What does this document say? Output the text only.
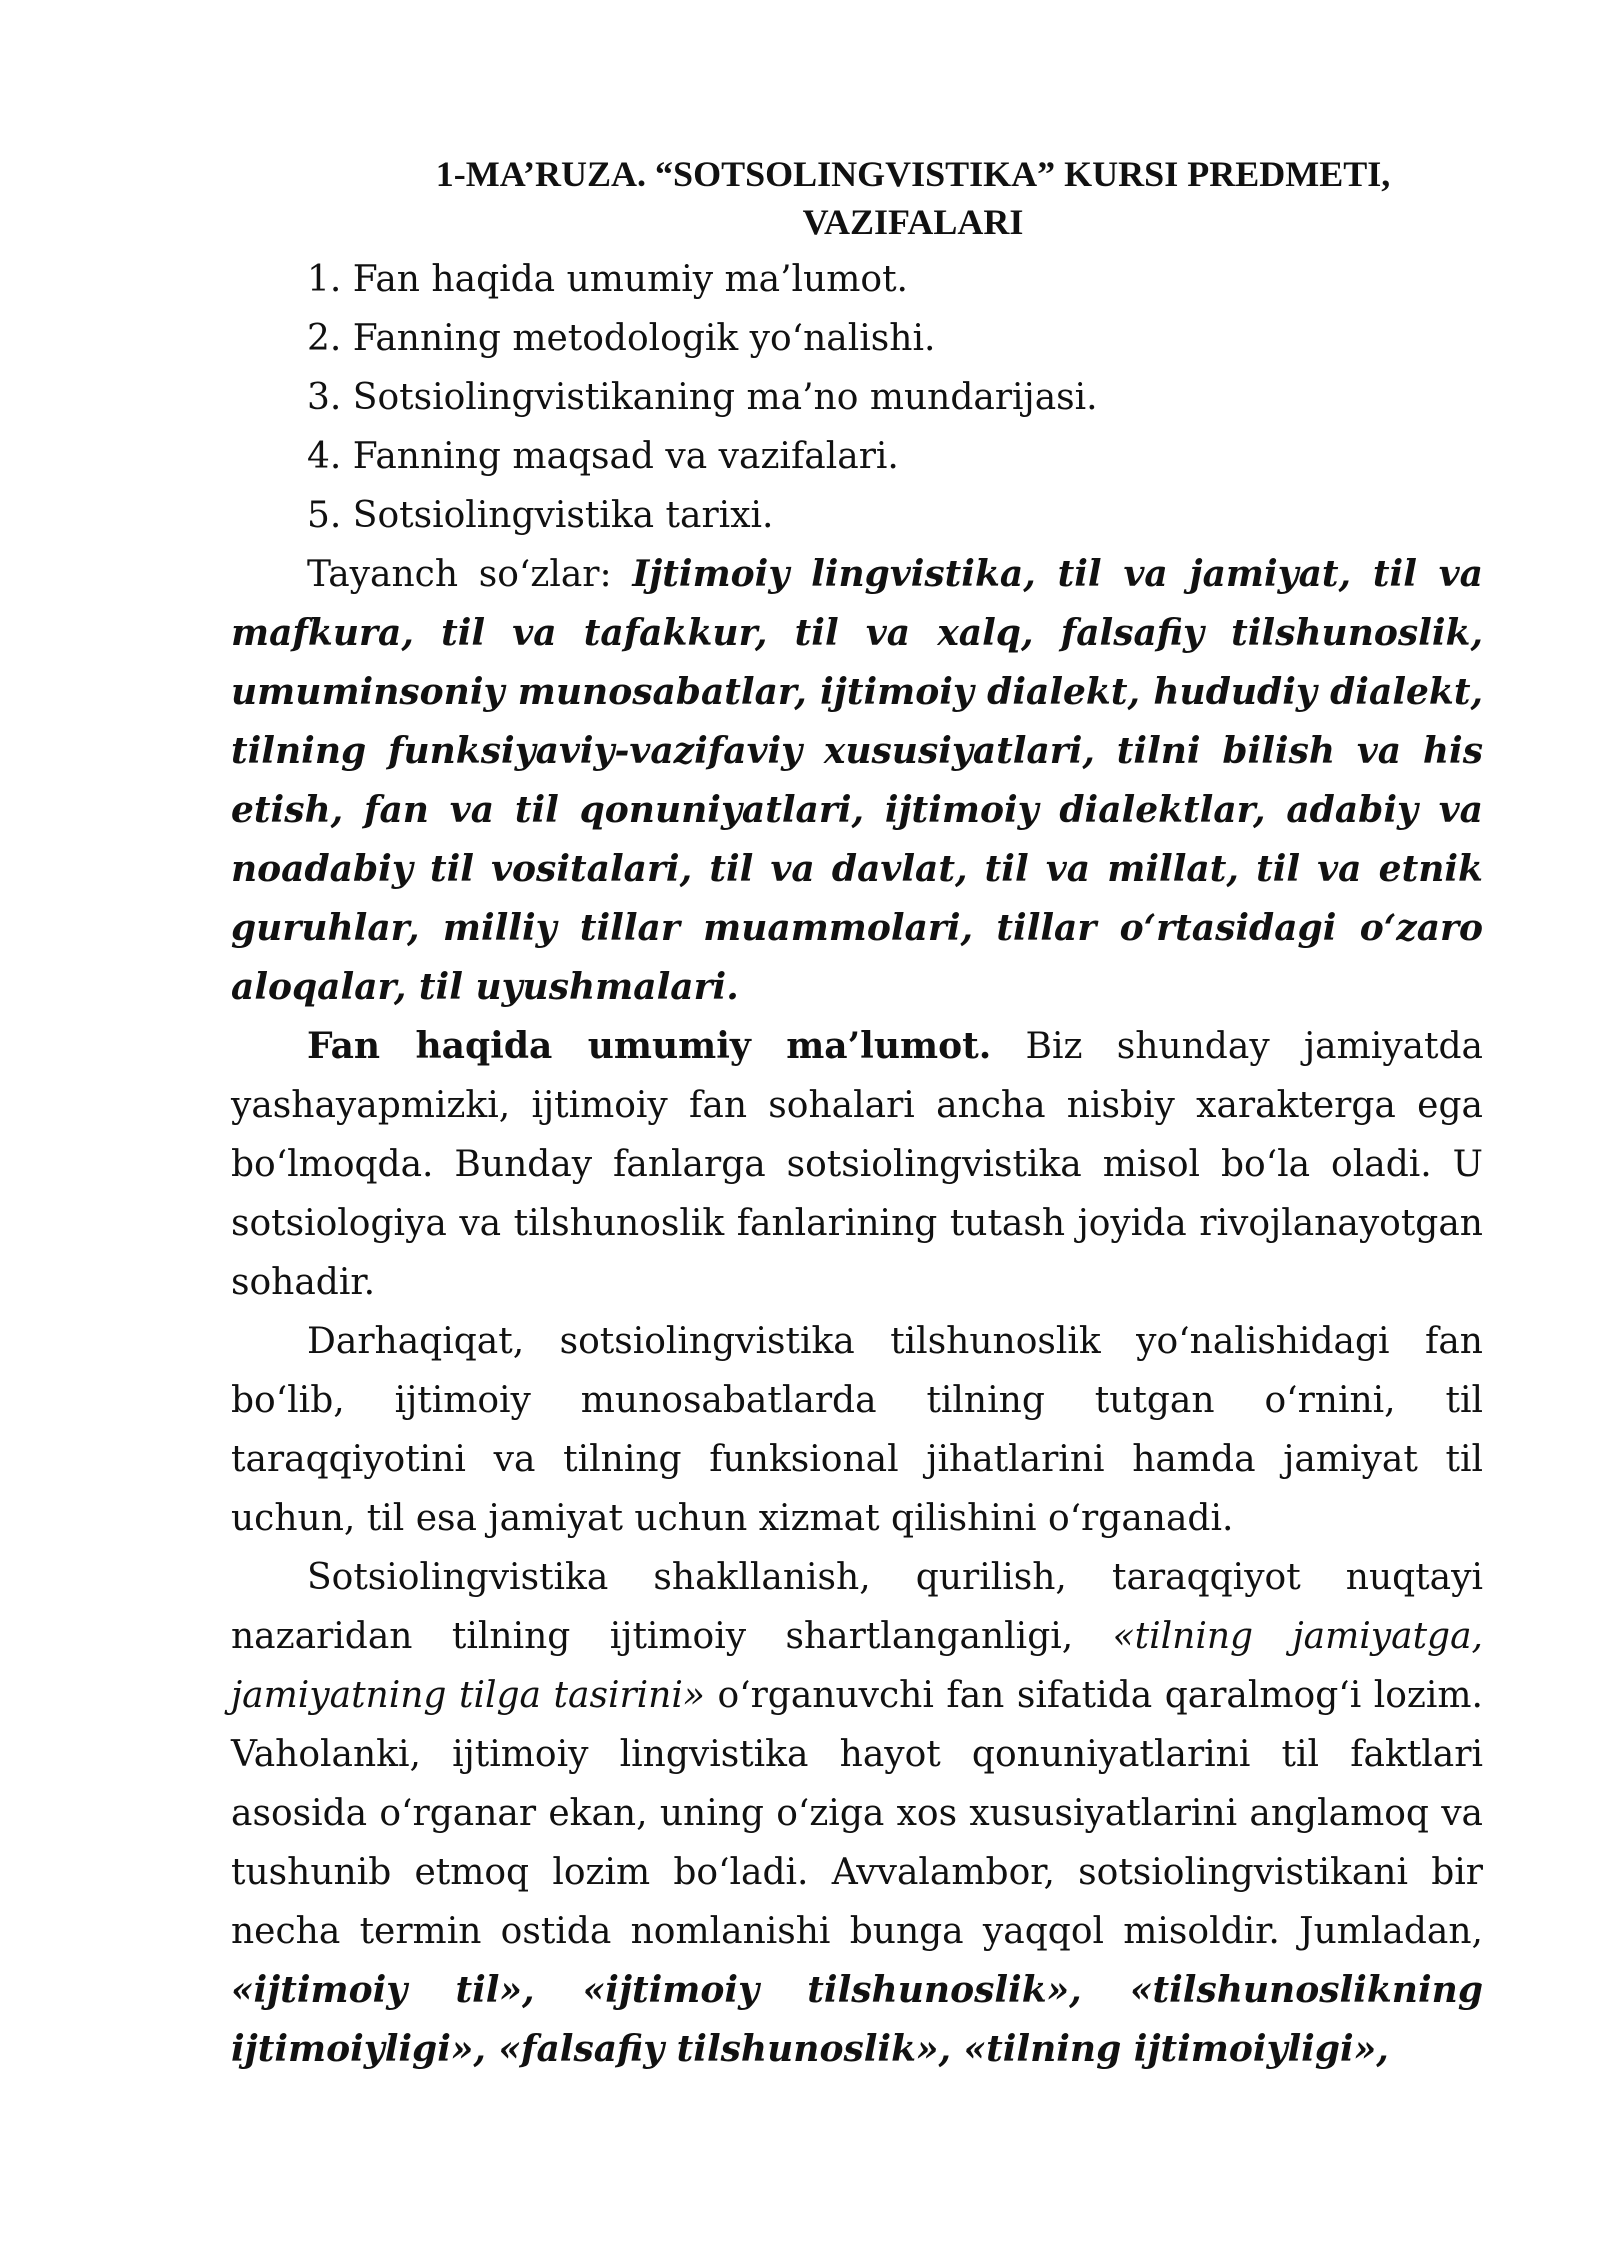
1-MA’RUZA. “SOTSOLINGVISTIKA” KURSI PREDMETI,
VAZIFALARI
1. Fan haqida umumiy ma’lumot.
2. Fanning metodologik yo‘nalishi.
3. Sotsiolingvistikaning ma’no mundarijasi.
4. Fanning maqsad va vazifalari.
5. Sotsiolingvistika tarixi.

Tayanch so‘zlar: Ijtimoiy lingvistika, til va jamiyat, til va mafkura, til va tafakkur, til va xalq, falsafiy tilshunoslik, umuminsoniy munosabatlar, ijtimoiy dialekt, hududiy dialekt, tilning funksiyaviy-vazifaviy xususiyatlari, tilni bilish va his etish, fan va til qonuniyatlari, ijtimoiy dialektlar, adabiy va noadabiy til vositalari, til va davlat, til va millat, til va etnik guruhlar, milliy tillar muammolari, tillar o‘rtasidagi o‘zaro aloqalar, til uyushmalari.

Fan haqida umumiy ma’lumot. Biz shunday jamiyatda yashayapmizki, ijtimoiy fan sohalari ancha nisbiy xarakterga ega bo‘lmoqda. Bunday fanlarga sotsiolingvistika misol bo‘la oladi. U sotsiologiya va tilshunoslik fanlarining tutash joyida rivojlanayotgan sohadir.

Darhaqiqat, sotsiolingvistika tilshunoslik yo‘nalishidagi fan bo‘lib, ijtimoiy munosabatlarda tilning tutgan o‘rnini, til taraqqiyotini va tilning funksional jihatlarini hamda jamiyat til uchun, til esa jamiyat uchun xizmat qilishini o‘rganadi.

Sotsiolingvistika shakllanish, qurilish, taraqqiyot nuqtayi nazaridan tilning ijtimoiy shartlanganligi, «tilning jamiyatga, jamiyatning tilga tasirini» o‘rganuvchi fan sifatida qaralmog‘i lozim. Vaholanki, ijtimoiy lingvistika hayot qonuniyatlarini til faktlari asosida o‘rganar ekan, uning o‘ziga xos xususiyatlarini anglamoq va tushunib etmoq lozim bo‘ladi. Avvalambor, sotsiolingvistikani bir necha termin ostida nomlanishi bunga yaqqol misoldir. Jumladan, «ijtimoiy til», «ijtimoiy tilshunoslik», «tilshunoslikning ijtimoiyligi», «falsafiy tilshunoslik», «tilning ijtimoiyligi»,
